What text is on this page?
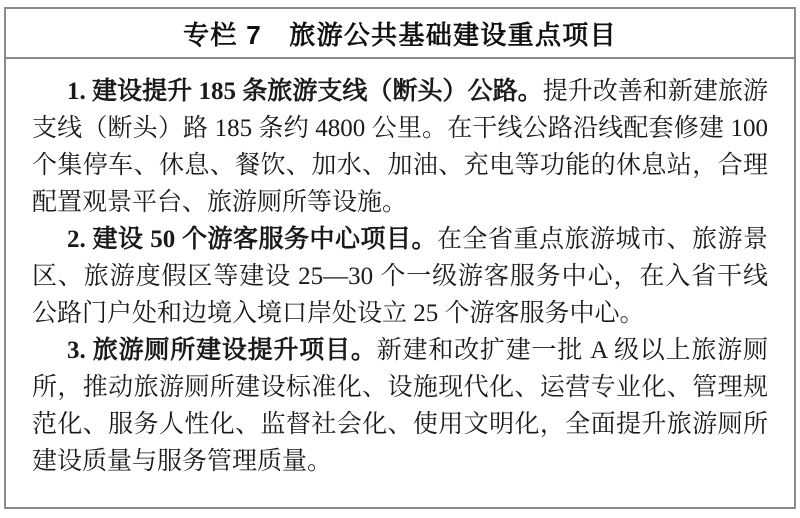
专栏 7　旅游公共基础建设重点项目

1. 建设提升 185 条旅游支线（断头）公路。提升改善和新建旅游支线（断头）路 185 条约 4800 公里。在干线公路沿线配套修建 100 个集停车、休息、餐饮、加水、加油、充电等功能的休息站，合理配置观景平台、旅游厕所等设施。

2. 建设 50 个游客服务中心项目。在全省重点旅游城市、旅游景区、旅游度假区等建设 25—30 个一级游客服务中心，在入省干线公路门户处和边境入境口岸处设立 25 个游客服务中心。

3. 旅游厕所建设提升项目。新建和改扩建一批 A 级以上旅游厕所，推动旅游厕所建设标准化、设施现代化、运营专业化、管理规范化、服务人性化、监督社会化、使用文明化，全面提升旅游厕所建设质量与服务管理质量。
